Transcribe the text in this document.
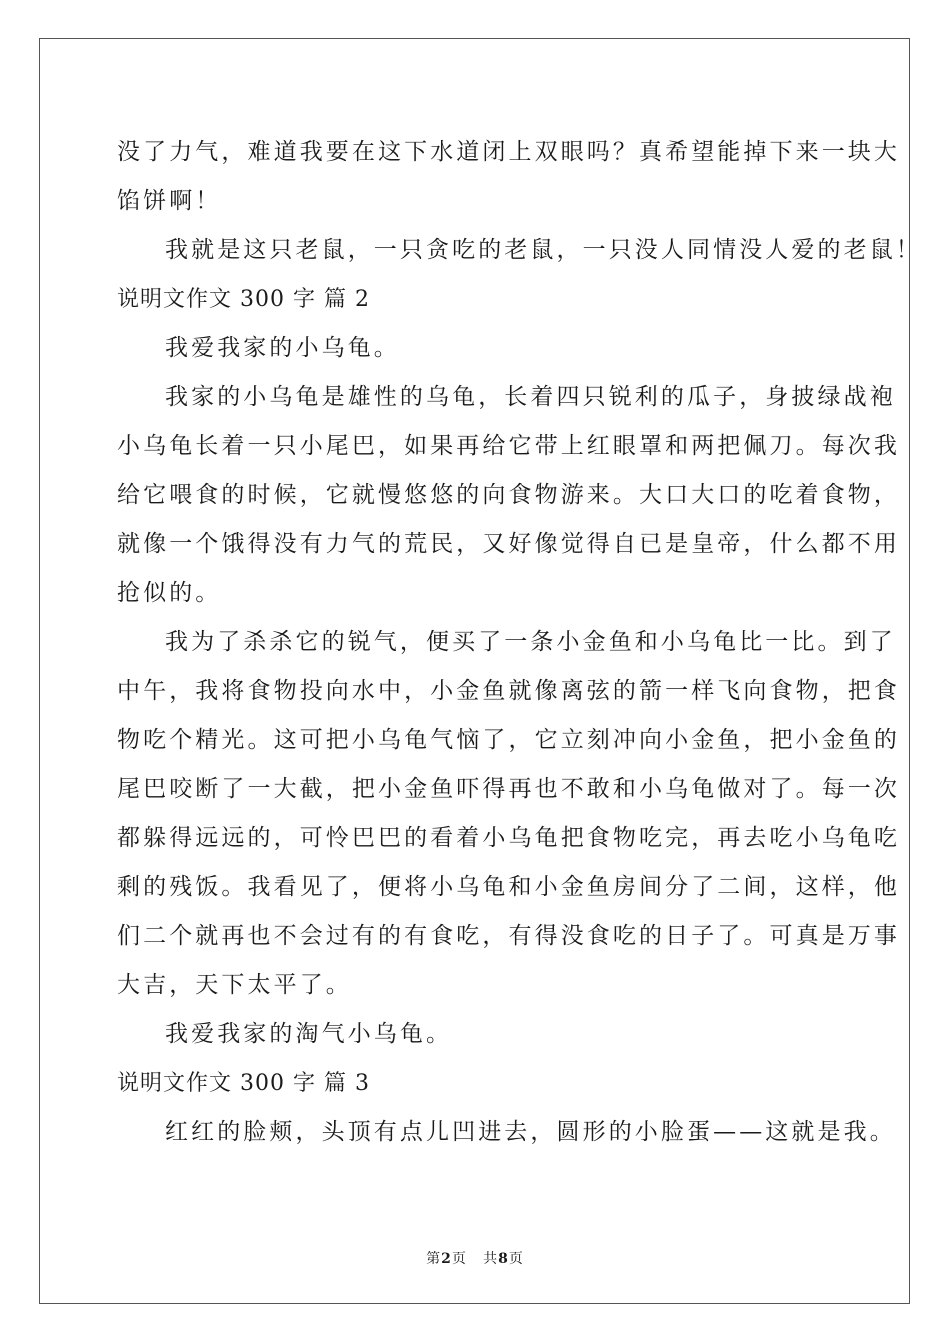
没了力气，难道我要在这下水道闭上双眼吗？真希望能掉下来一块大
馅饼啊！
我就是这只老鼠，一只贪吃的老鼠，一只没人同情没人爱的老鼠！
说明文作文 300 字 篇 2
我爱我家的小乌龟。
我家的小乌龟是雄性的乌龟，长着四只锐利的瓜子，身披绿战袍
小乌龟长着一只小尾巴，如果再给它带上红眼罩和两把佩刀。每次我
给它喂食的时候，它就慢悠悠的向食物游来。大口大口的吃着食物，
就像一个饿得没有力气的荒民，又好像觉得自已是皇帝，什么都不用
抢似的。
我为了杀杀它的锐气，便买了一条小金鱼和小乌龟比一比。到了
中午，我将食物投向水中，小金鱼就像离弦的箭一样飞向食物，把食
物吃个精光。这可把小乌龟气恼了，它立刻冲向小金鱼，把小金鱼的
尾巴咬断了一大截，把小金鱼吓得再也不敢和小乌龟做对了。每一次
都躲得远远的，可怜巴巴的看着小乌龟把食物吃完，再去吃小乌龟吃
剩的残饭。我看见了，便将小乌龟和小金鱼房间分了二间，这样，他
们二个就再也不会过有的有食吃，有得没食吃的日子了。可真是万事
大吉，天下太平了。
我爱我家的淘气小乌龟。
说明文作文 300 字 篇 3
红红的脸颊，头顶有点儿凹进去，圆形的小脸蛋——这就是我。
第2页 共8页
